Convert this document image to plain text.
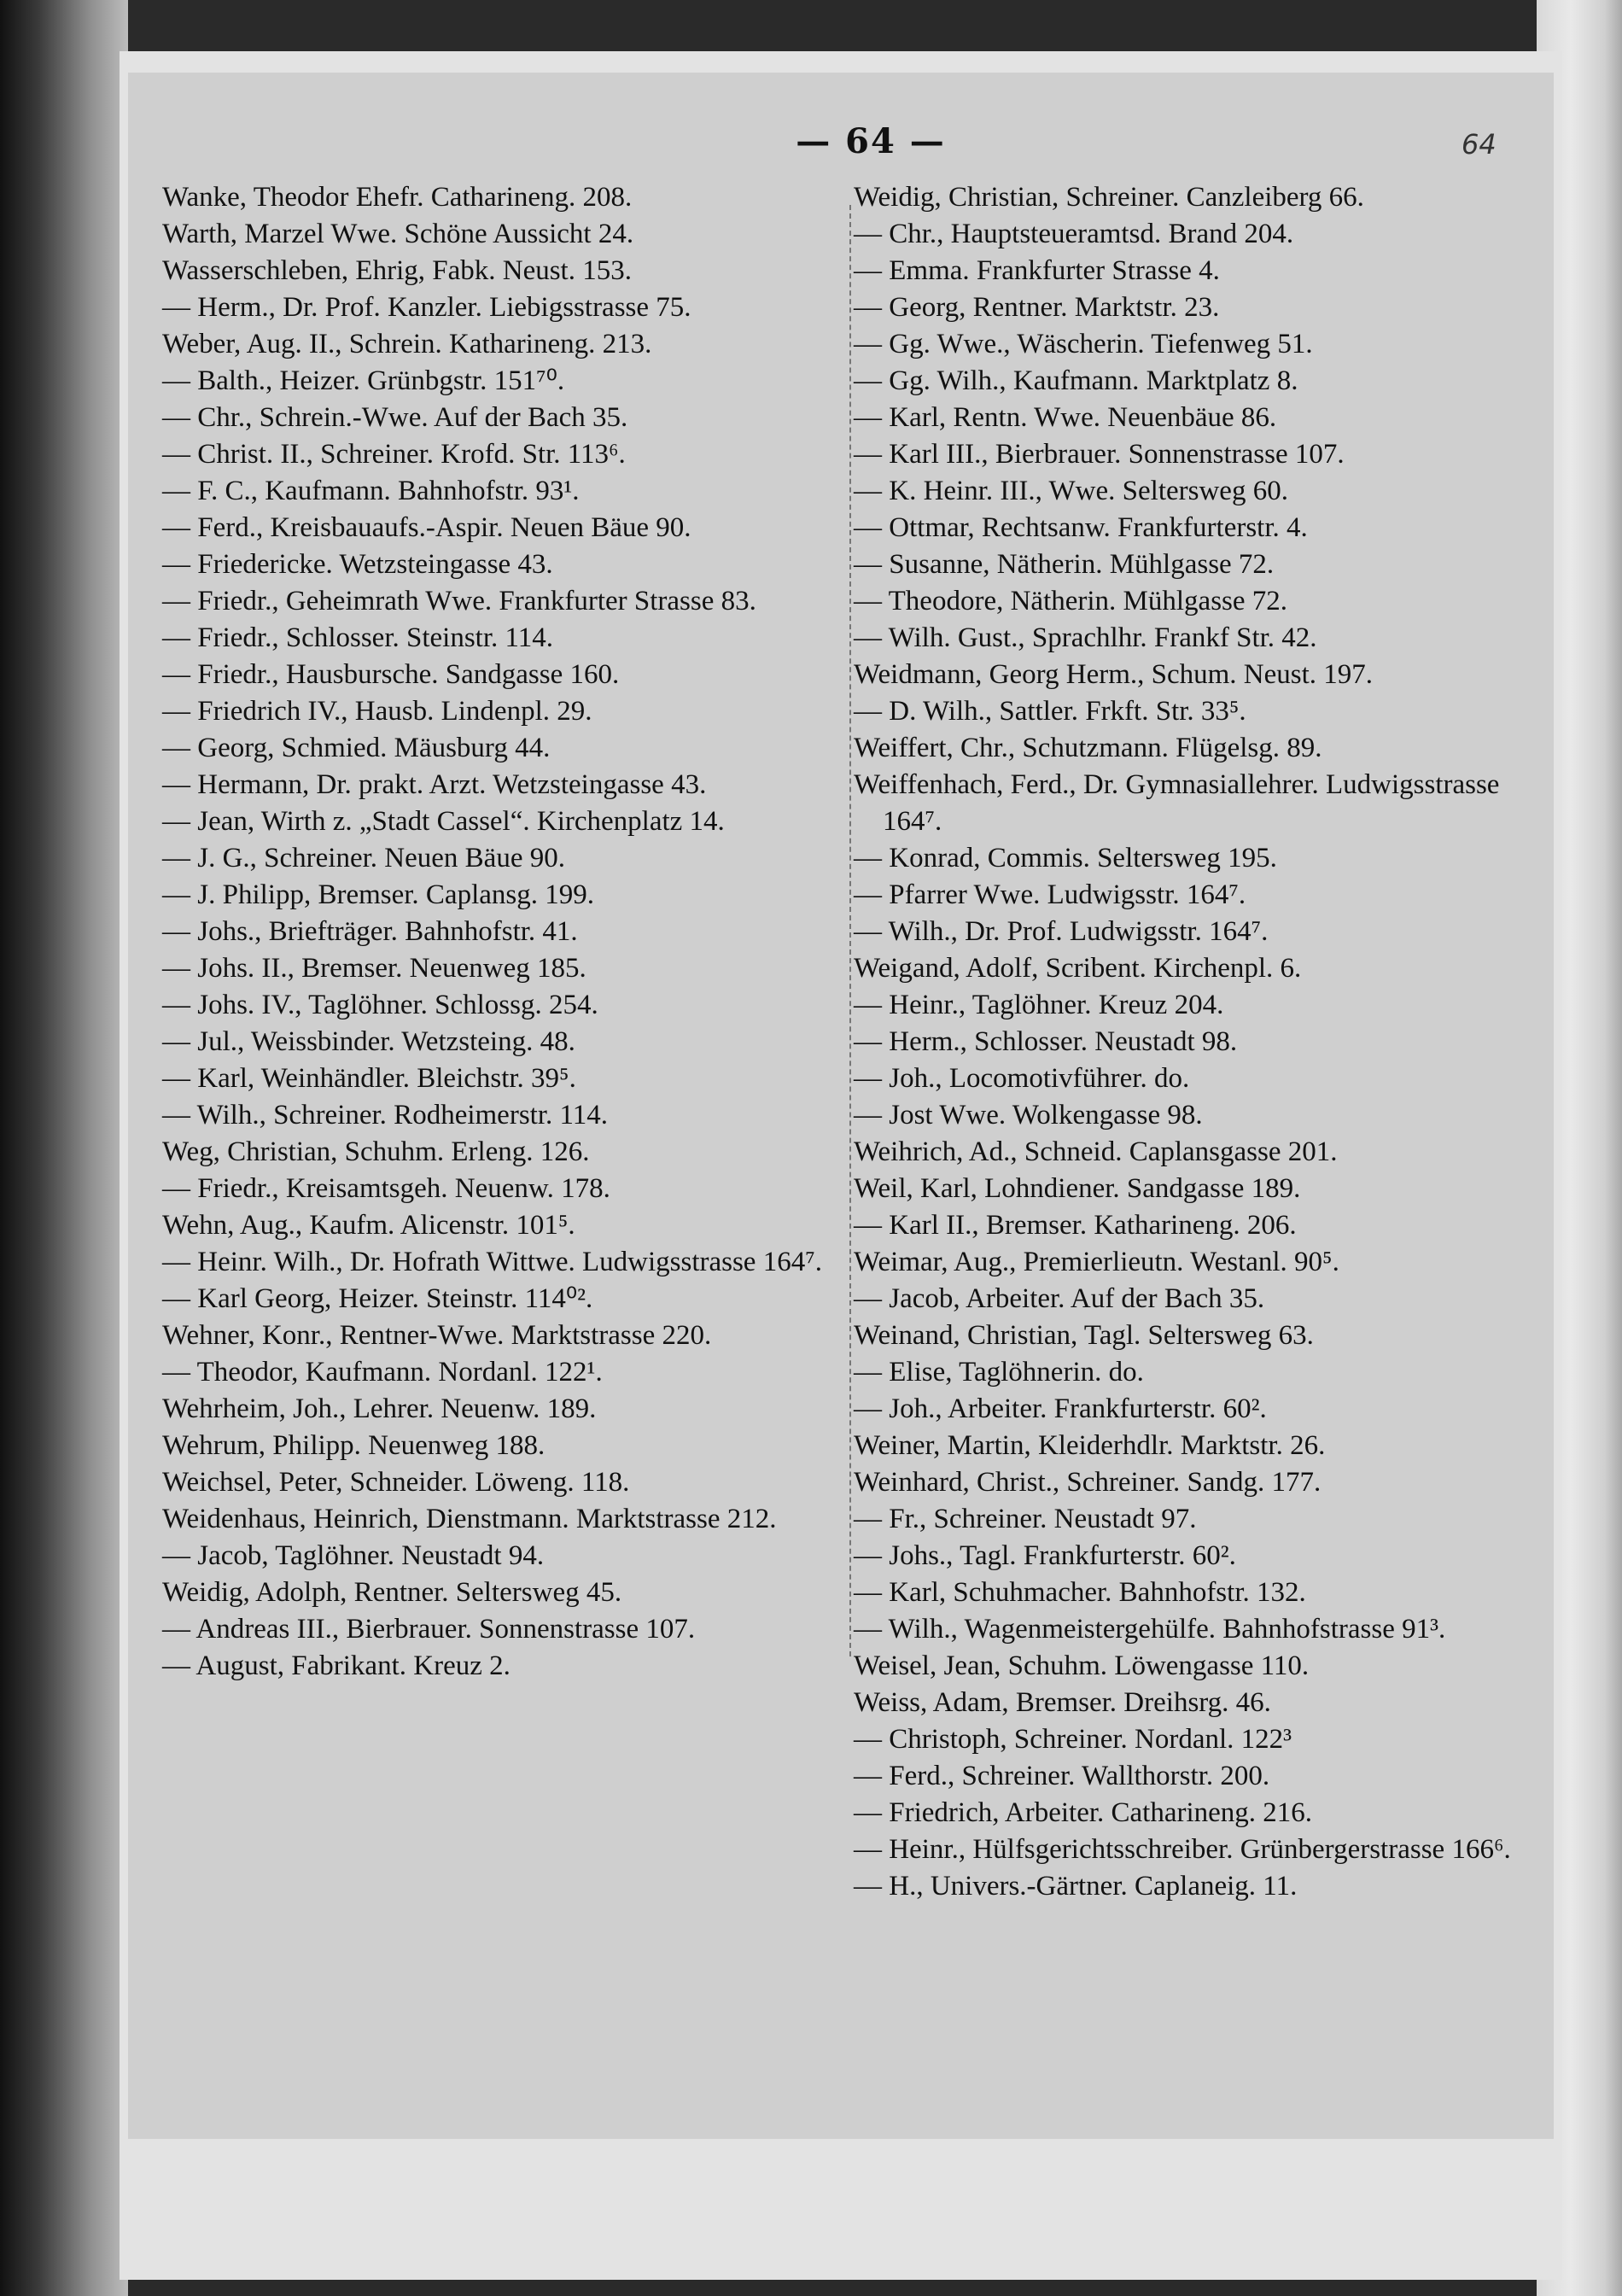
— 64 —	64

Wanke, Theodor Ehefr. Catharineng. 208.

Warth, Marzel Wwe. Schöne Aussicht 24.

Wasserschleben, Ehrig, Fabk. Neust. 153.

— Herm., Dr. Prof. Kanzler. Liebigsstrasse 75.

Weber, Aug. II., Schrein. Katharineng. 213.

— Balth., Heizer. Grünbgstr. 151⁷⁰.

— Chr., Schrein.-Wwe. Auf der Bach 35.

— Christ. II., Schreiner. Krofd. Str. 113⁶.

— F. C., Kaufmann. Bahnhofstr. 93¹.

— Ferd., Kreisbauaufs.-Aspir. Neuen Bäue 90.

— Friedericke. Wetzsteingasse 43.

— Friedr., Geheimrath Wwe. Frankfurter Strasse 83.

— Friedr., Schlosser. Steinstr. 114.

— Friedr., Hausbursche. Sandgasse 160.

— Friedrich IV., Hausb. Lindenpl. 29.

— Georg, Schmied. Mäusburg 44.

— Hermann, Dr. prakt. Arzt. Wetzsteingasse 43.

— Jean, Wirth z. „Stadt Cassel“. Kirchenplatz 14.

— J. G., Schreiner. Neuen Bäue 90.

— J. Philipp, Bremser. Caplansg. 199.

— Johs., Briefträger. Bahnhofstr. 41.

— Johs. II., Bremser. Neuenweg 185.

— Johs. IV., Taglöhner. Schlossg. 254.

— Jul., Weissbinder. Wetzsteing. 48.

— Karl, Weinhändler. Bleichstr. 39⁵.

— Wilh., Schreiner. Rodheimerstr. 114.

Weg, Christian, Schuhm. Erleng. 126.

— Friedr., Kreisamtsgeh. Neuenw. 178.

Wehn, Aug., Kaufm. Alicenstr. 101⁵.

— Heinr. Wilh., Dr. Hofrath Wittwe. Ludwigsstrasse 164⁷.

— Karl Georg, Heizer. Steinstr. 114⁰².

Wehner, Konr., Rentner-Wwe. Marktstrasse 220.

— Theodor, Kaufmann. Nordanl. 122¹.

Wehrheim, Joh., Lehrer. Neuenw. 189.

Wehrum, Philipp. Neuenweg 188.

Weichsel, Peter, Schneider. Löweng. 118.

Weidenhaus, Heinrich, Dienstmann. Marktstrasse 212.

— Jacob, Taglöhner. Neustadt 94.

Weidig, Adolph, Rentner. Seltersweg 45.

— Andreas III., Bierbrauer. Sonnenstrasse 107.

— August, Fabrikant. Kreuz 2.

Weidig, Christian, Schreiner. Canzleiberg 66.

— Chr., Hauptsteueramtsd. Brand 204.

— Emma. Frankfurter Strasse 4.

— Georg, Rentner. Marktstr. 23.

— Gg. Wwe., Wäscherin. Tiefenweg 51.

— Gg. Wilh., Kaufmann. Marktplatz 8.

— Karl, Rentn. Wwe. Neuenbäue 86.

— Karl III., Bierbrauer. Sonnenstrasse 107.

— K. Heinr. III., Wwe. Seltersweg 60.

— Ottmar, Rechtsanw. Frankfurterstr. 4.

— Susanne, Nätherin. Mühlgasse 72.

— Theodore, Nätherin. Mühlgasse 72.

— Wilh. Gust., Sprachlhr. Frankf Str. 42.

Weidmann, Georg Herm., Schum. Neust. 197.

— D. Wilh., Sattler. Frkft. Str. 33⁵.

Weiffert, Chr., Schutzmann. Flügelsg. 89.

Weiffenhach, Ferd., Dr. Gymnasiallehrer. Ludwigsstrasse 164⁷.

— Konrad, Commis. Seltersweg 195.

— Pfarrer Wwe. Ludwigsstr. 164⁷.

— Wilh., Dr. Prof. Ludwigsstr. 164⁷.

Weigand, Adolf, Scribent. Kirchenpl. 6.

— Heinr., Taglöhner. Kreuz 204.

— Herm., Schlosser. Neustadt 98.

— Joh., Locomotivführer. do.

— Jost Wwe. Wolkengasse 98.

Weihrich, Ad., Schneid. Caplansgasse 201.

Weil, Karl, Lohndiener. Sandgasse 189.

— Karl II., Bremser. Katharineng. 206.

Weimar, Aug., Premierlieutn. Westanl. 90⁵.

— Jacob, Arbeiter. Auf der Bach 35.

Weinand, Christian, Tagl. Seltersweg 63.

— Elise, Taglöhnerin. do.

— Joh., Arbeiter. Frankfurterstr. 60².

Weiner, Martin, Kleiderhdlr. Marktstr. 26.

Weinhard, Christ., Schreiner. Sandg. 177.

— Fr., Schreiner. Neustadt 97.

— Johs., Tagl. Frankfurterstr. 60².

— Karl, Schuhmacher. Bahnhofstr. 132.

— Wilh., Wagenmeistergehülfe. Bahnhofstrasse 91³.

Weisel, Jean, Schuhm. Löwengasse 110.

Weiss, Adam, Bremser. Dreihsrg. 46.

— Christoph, Schreiner. Nordanl. 122³

— Ferd., Schreiner. Wallthorstr. 200.

— Friedrich, Arbeiter. Catharineng. 216.

— Heinr., Hülfsgerichtsschreiber. Grünbergerstrasse 166⁶.

— H., Univers.-Gärtner. Caplaneig. 11.
